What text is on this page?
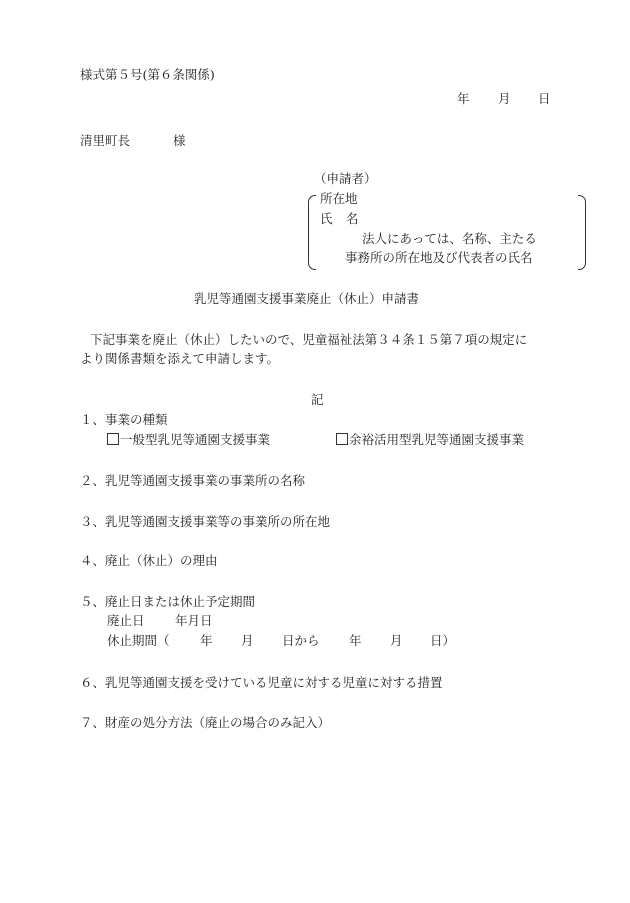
様式第５号(第６条関係)
年 月 日
清里町長	様
（申請者）
所在地
氏 名
法人にあっては、名称、主たる
事務所の所在地及び代表者の氏名
乳児等通園支援事業廃止（休止）申請書
下記事業を廃止（休止）したいので、児童福祉法第３４条１５第７項の規定に
より関係書類を添えて申請します。
記
１、事業の種類
一般型乳児等通園支援事業	余裕活用型乳児等通園支援事業
２、乳児等通園支援事業の事業所の名称
３、乳児等通園支援事業等の事業所の所在地
４、廃止（休止）の理由
５、廃止日または休止予定期間
廃止日 年月日
休止期間（ 年 月 日から 年 月 日）
６、乳児等通園支援を受けている児童に対する児童に対する措置
７、財産の処分方法（廃止の場合のみ記入）
